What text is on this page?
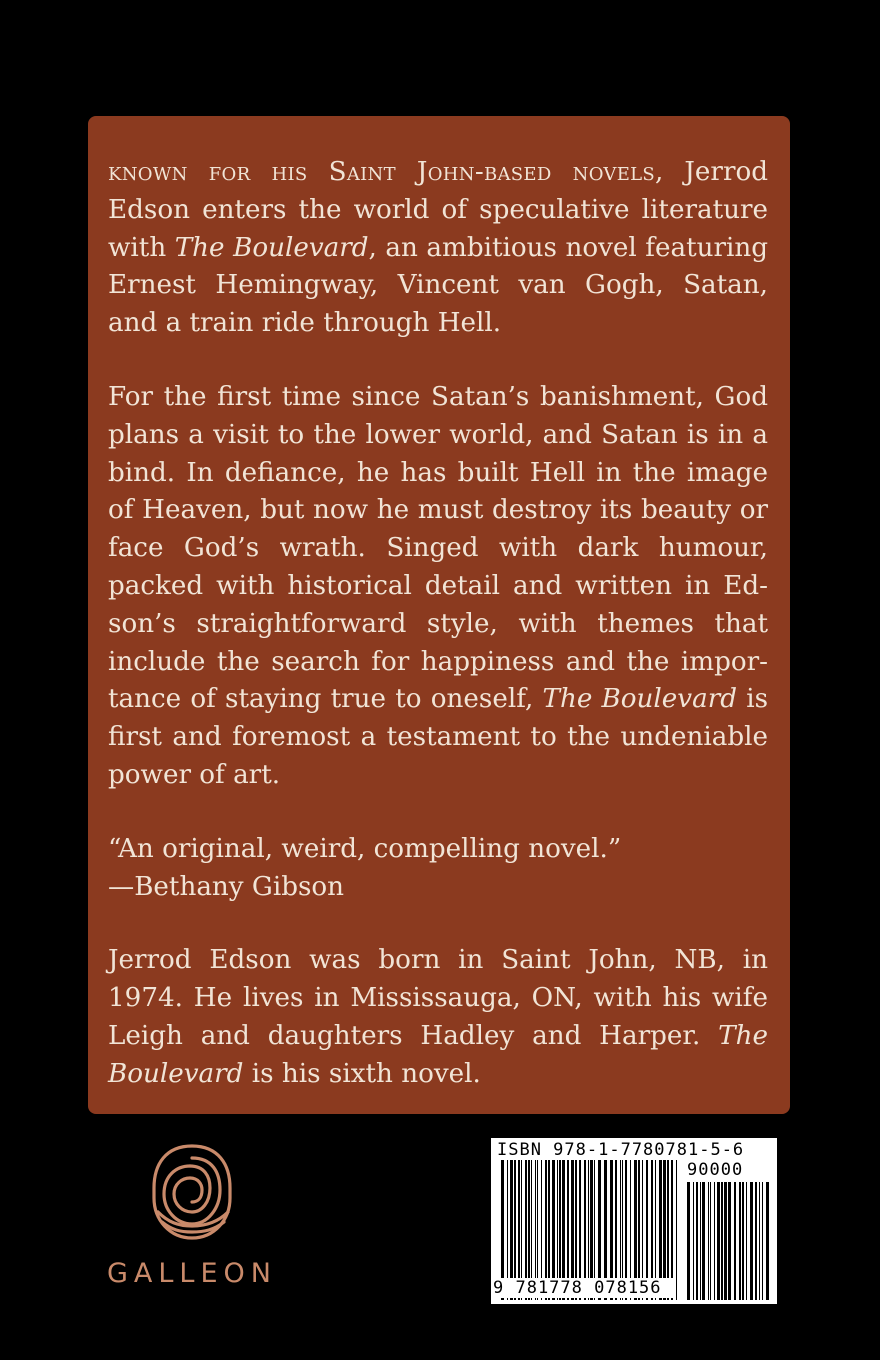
known for his Saint John-based novels, Jerrod Edson enters the world of speculative literature with The Boulevard, an ambitious novel featuring Ernest Hemingway, Vincent van Gogh, Satan, and a train ride through Hell.

For the first time since Satan’s banishment, God plans a visit to the lower world, and Satan is in a bind. In defiance, he has built Hell in the image of Heaven, but now he must destroy its beauty or face God’s wrath. Singed with dark humour, packed with historical detail and written in Edson’s straightforward style, with themes that include the search for happiness and the importance of staying true to oneself, The Boulevard is first and foremost a testament to the undeniable power of art.

“An original, weird, compelling novel.”
—Bethany Gibson

Jerrod Edson was born in Saint John, NB, in 1974. He lives in Mississauga, ON, with his wife Leigh and daughters Hadley and Harper. The Boulevard is his sixth novel.

GALLEON
ISBN 978-1-7780781-5-6
90000
9 781778 078156
